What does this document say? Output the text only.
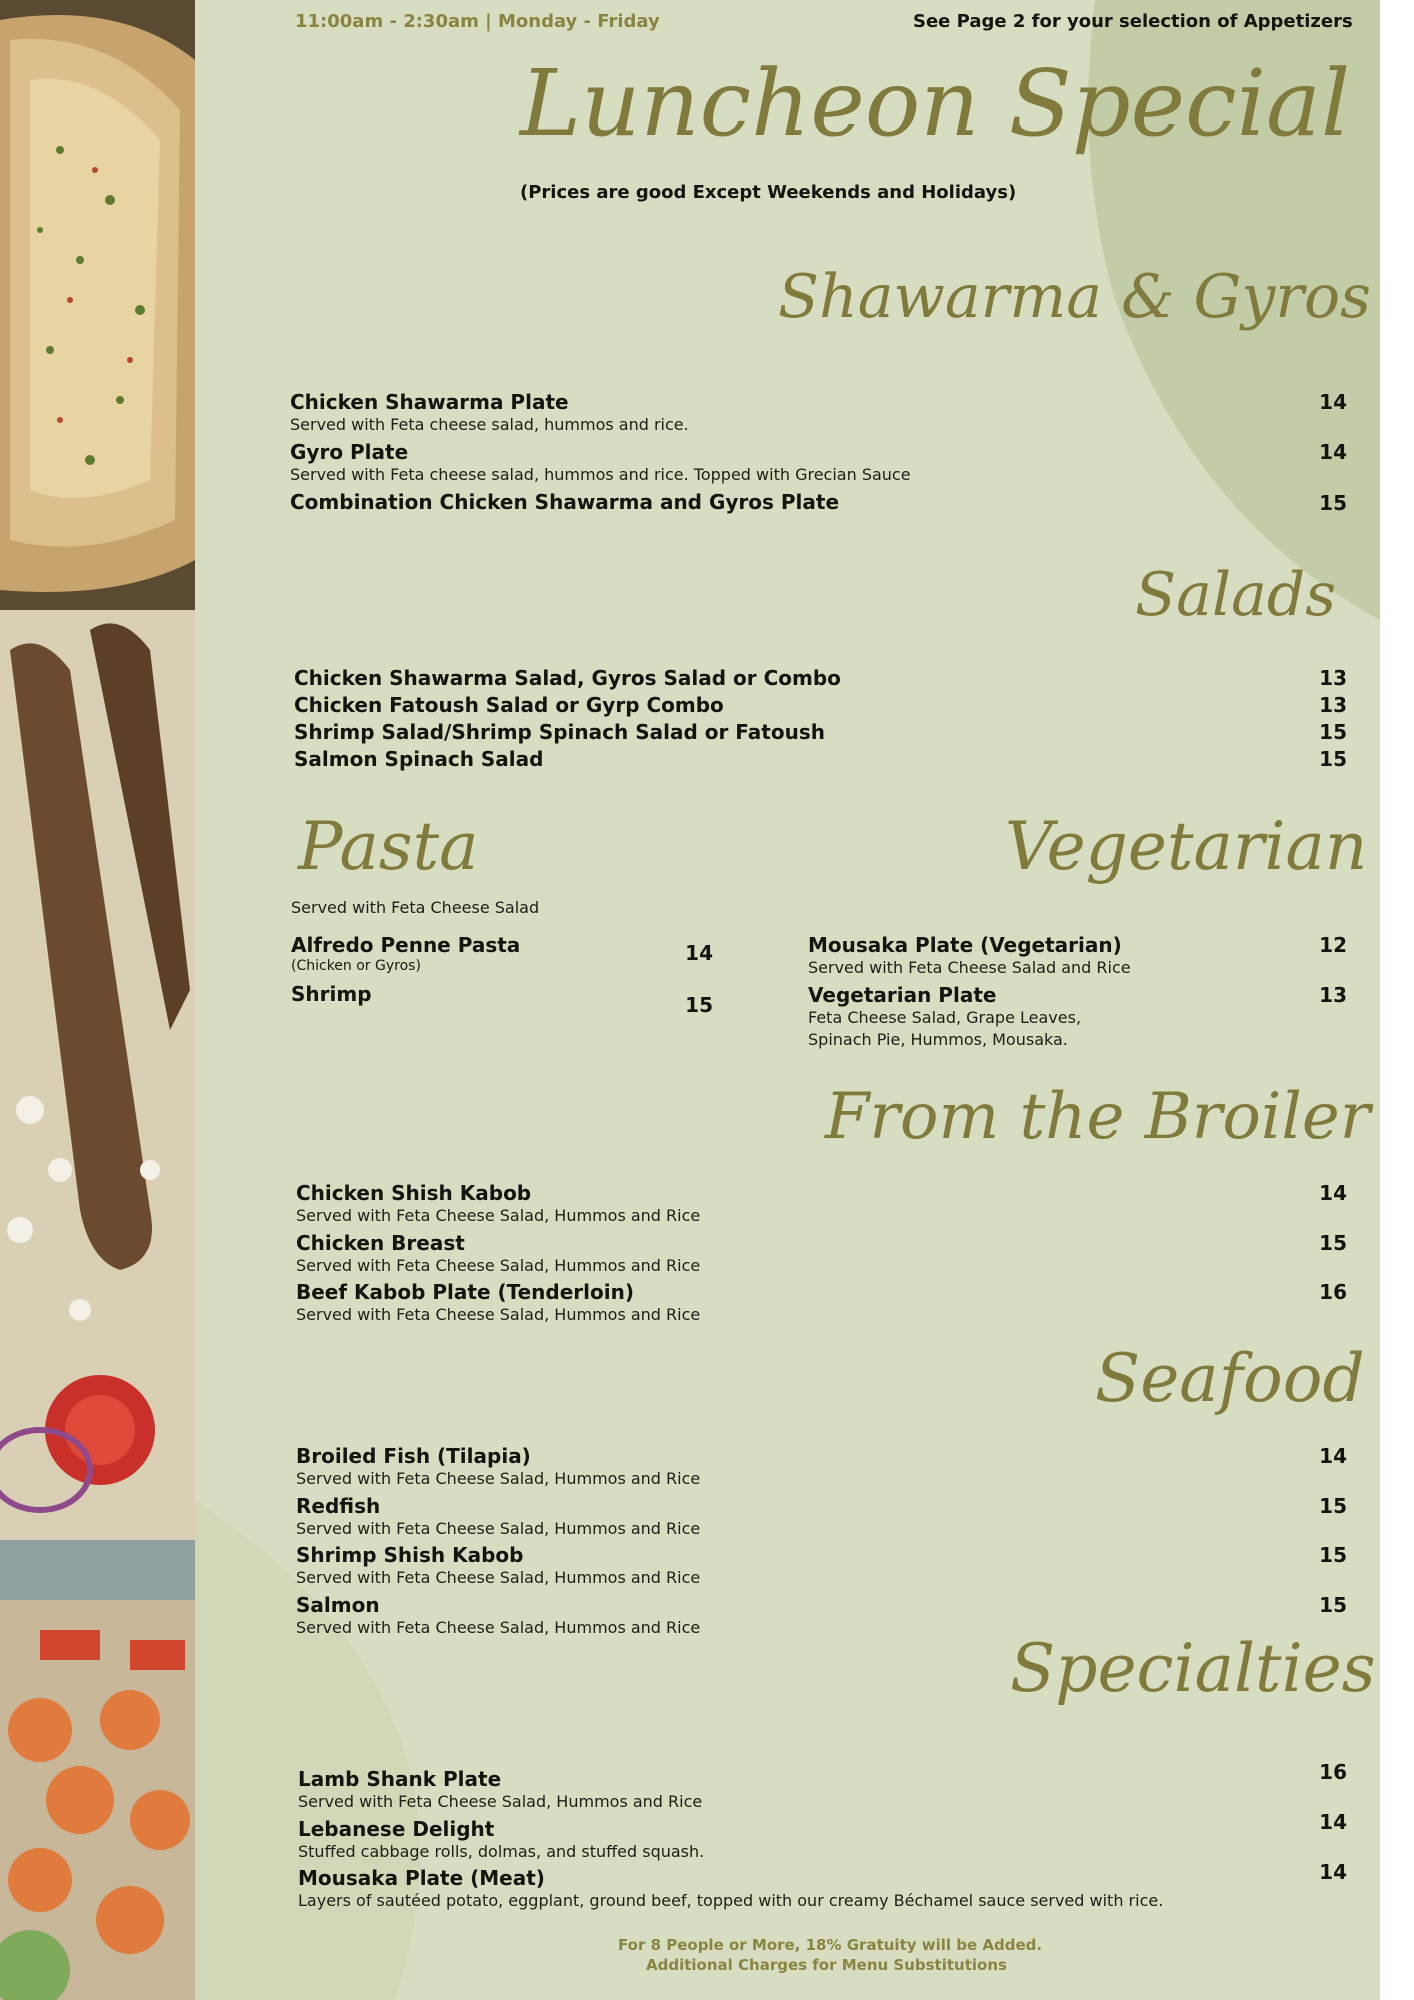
11:00am - 2:30am | Monday - Friday	See Page 2 for your selection of Appetizers
Luncheon Special
(Prices are good Except Weekends and Holidays)
Shawarma & Gyros
Chicken Shawarma Plate
Served with Feta cheese salad, hummos and rice.
14
Gyro Plate
Served with Feta cheese salad, hummos and rice. Topped with Grecian Sauce
14
Combination Chicken Shawarma and Gyros Plate	15
Salads
Chicken Shawarma Salad, Gyros Salad or Combo	13
Chicken Fatoush Salad or Gyrp Combo	13
Shrimp Salad/Shrimp Spinach Salad or Fatoush	15
Salmon Spinach Salad	15
Pasta
Served with Feta Cheese Salad
Alfredo Penne Pasta
(Chicken or Gyros)
14
Shrimp	15
Vegetarian
Mousaka Plate (Vegetarian)
Served with Feta Cheese Salad and Rice
12
Vegetarian Plate
Feta Cheese Salad, Grape Leaves,
Spinach Pie, Hummos, Mousaka.
13
From the Broiler
Chicken Shish Kabob
Served with Feta Cheese Salad, Hummos and Rice
14
Chicken Breast
Served with Feta Cheese Salad, Hummos and Rice
15
Beef Kabob Plate (Tenderloin)
Served with Feta Cheese Salad, Hummos and Rice
16
Seafood
Broiled Fish (Tilapia)
Served with Feta Cheese Salad, Hummos and Rice
14
Redfish
Served with Feta Cheese Salad, Hummos and Rice
15
Shrimp Shish Kabob
Served with Feta Cheese Salad, Hummos and Rice
15
Salmon
Served with Feta Cheese Salad, Hummos and Rice
15
Specialties
Lamb Shank Plate
Served with Feta Cheese Salad, Hummos and Rice
16
Lebanese Delight
Stuffed cabbage rolls, dolmas, and stuffed squash.
14
Mousaka Plate (Meat)
Layers of sautéed potato, eggplant, ground beef, topped with our creamy Béchamel sauce served with rice.
14
For 8 People or More, 18% Gratuity will be Added.
Additional Charges for Menu Substitutions
